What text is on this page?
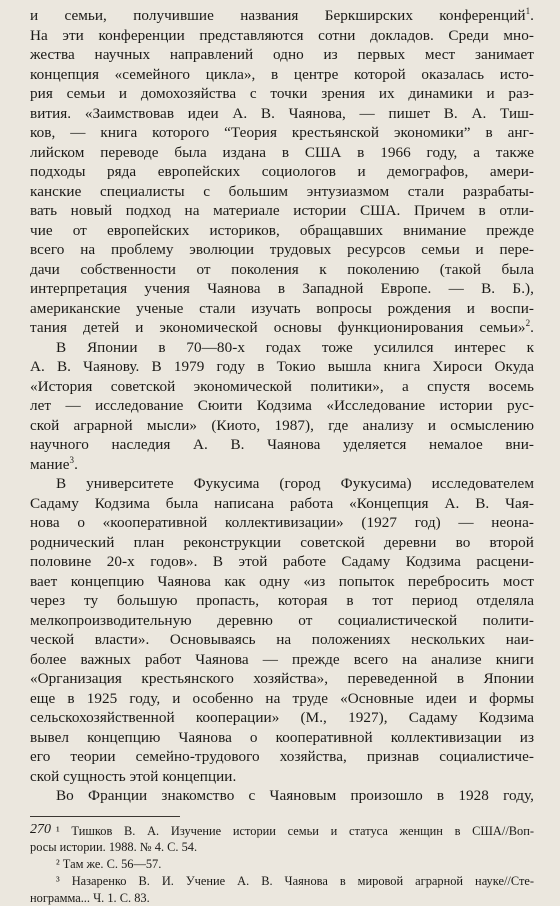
и семьи, получившие названия Беркширских конференций$^1$.
На эти конференции представляются сотни докладов. Среди мно-
жества научных направлений одно из первых мест занимает
концепция «семейного цикла», в центре которой оказалась исто-
рия семьи и домохозяйства с точки зрения их динамики и раз-
вития. «Заимствовав идеи А. В. Чаянова, — пишет В. А. Тиш-
ков, — книга которого “Теория крестьянской экономики” в анг-
лийском переводе была издана в США в 1966 году, а также
подходы ряда европейских социологов и демографов, амери-
канские специалисты с большим энтузиазмом стали разрабаты-
вать новый подход на материале истории США. Причем в отли-
чие от европейских историков, обращавших внимание прежде
всего на проблему эволюции трудовых ресурсов семьи и пере-
дачи собственности от поколения к поколению (такой была
интерпретация учения Чаянова в Западной Европе. — В. Б.),
американские ученые стали изучать вопросы рождения и воспи-
тания детей и экономической основы функционирования семьи»$^2$.
В Японии в 70—80-х годах тоже усилился интерес к
А. В. Чаянову. В 1979 году в Токио вышла книга Хироси Окуда
«История советской экономической политики», а спустя восемь
лет — исследование Сюити Кодзима «Исследование истории рус-
ской аграрной мысли» (Киото, 1987), где анализу и осмыслению
научного наследия А. В. Чаянова уделяется немалое вни-
мание$^3$.
В университете Фукусима (город Фукусима) исследователем
Садаму Кодзима была написана работа «Концепция А. В. Чая-
нова о «кооперативной коллективизации» (1927 год) — неона-
роднический план реконструкции советской деревни во второй
половине 20-х годов». В этой работе Садаму Кодзима расцени-
вает концепцию Чаянова как одну «из попыток перебросить мост
через ту большую пропасть, которая в тот период отделяла
мелкопроизводительную деревню от социалистической полити-
ческой власти». Основываясь на положениях нескольких наи-
более важных работ Чаянова — прежде всего на анализе книги
«Организация крестьянского хозяйства», переведенной в Японии
еще в 1925 году, и особенно на труде «Основные идеи и формы
сельскохозяйственной кооперации» (М., 1927), Садаму Кодзима
вывел концепцию Чаянова о кооперативной коллективизации из
его теории семейно-трудового хозяйства, признав социалистиче-
ской сущность этой концепции.
Во Франции знакомство с Чаяновым произошло в 1928 году,
¹ Тишков В. А. Изучение истории семьи и статуса женщин в США//Воп-
росы истории. 1988. № 4. С. 54.
² Там же. С. 56—57.
³ Назаренко В. И. Учение А. В. Чаянова в мировой аграрной науке//Сте-
нограмма... Ч. 1. С. 83.
270
